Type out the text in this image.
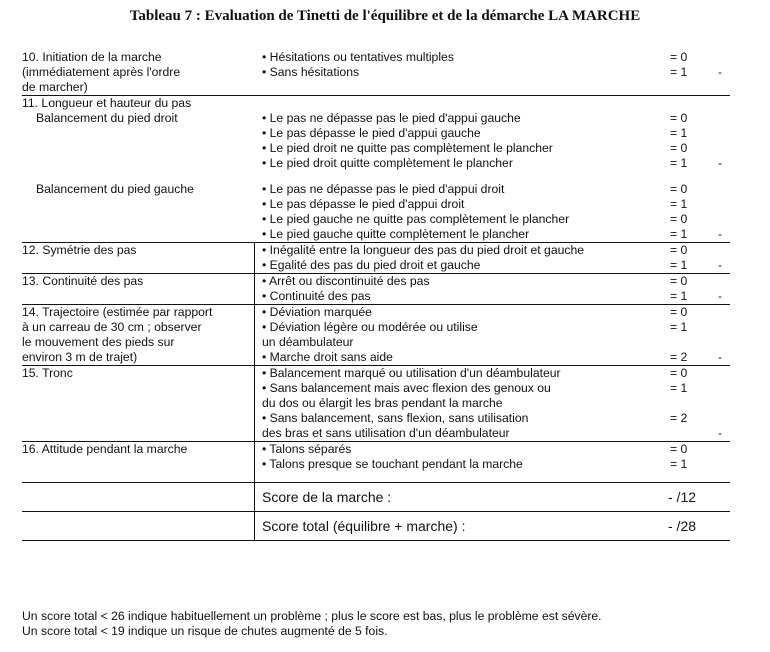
Tableau 7 : Evaluation de Tinetti de l'équilibre et de la démarche LA MARCHE
10. Initiation de la marche	• Hésitations ou tentatives multiples	= 0
(immédiatement après l'ordre	• Sans hésitations	= 1	-
de marcher)
11. Longueur et hauteur du pas
Balancement du pied droit	• Le pas ne dépasse pas le pied d'appui gauche	= 0
• Le pas dépasse le pied d'appui gauche	= 1
• Le pied droit ne quitte pas complètement le plancher	= 0
• Le pied droit quitte complètement le plancher	= 1	-
Balancement du pied gauche	• Le pas ne dépasse pas le pied d'appui droit	= 0
• Le pas dépasse le pied d'appui droit	= 1
• Le pied gauche ne quitte pas complètement le plancher	= 0
• Le pied gauche quitte complètement le plancher	= 1	-
12. Symétrie des pas	• Inégalité entre la longueur des pas du pied droit et gauche	= 0
• Egalité des pas du pied droit et gauche	= 1	-
13. Continuité des pas	• Arrêt ou discontinuité des pas	= 0
• Continuité des pas	= 1	-
14. Trajectoire (estimée par rapport	• Déviation marquée	= 0
à un carreau de 30 cm ; observer	• Déviation légère ou modérée ou utilise	= 1
le mouvement des pieds sur	un déambulateur
environ 3 m de trajet)	• Marche droit sans aide	= 2	-
15. Tronc	• Balancement marqué ou utilisation d'un déambulateur	= 0
• Sans balancement mais avec flexion des genoux ou	= 1
du dos ou élargit les bras pendant la marche
• Sans balancement, sans flexion, sans utilisation	= 2
des bras et sans utilisation d'un déambulateur	-
16. Attitude pendant la marche	• Talons séparés	= 0
• Talons presque se touchant pendant la marche	= 1
Score de la marche :	- /12
Score total (équilibre + marche) :	- /28
Un score total < 26 indique habituellement un problème ; plus le score est bas, plus le problème est sévère.
Un score total < 19 indique un risque de chutes augmenté de 5 fois.
